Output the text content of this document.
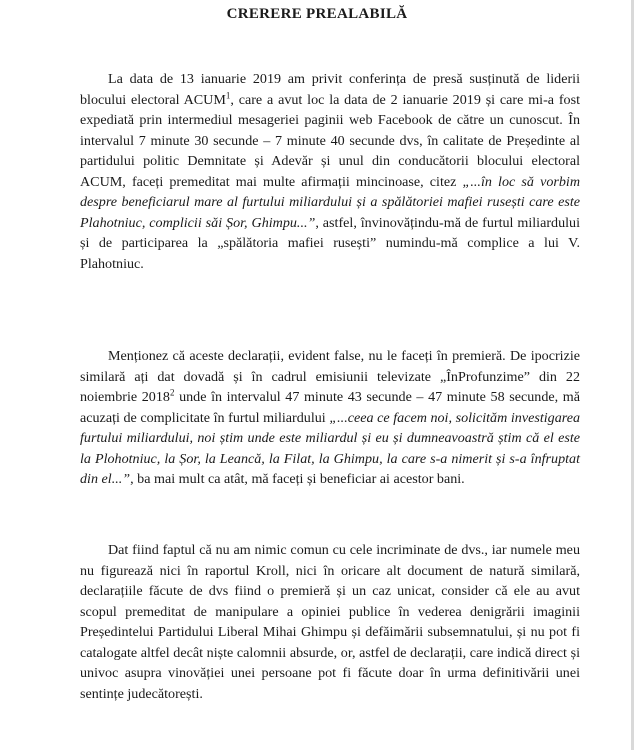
CRERERE PREALABILĂ

La data de 13 ianuarie 2019 am privit conferința de presă susținută de liderii blocului electoral ACUM$^1$, care a avut loc la data de 2 ianuarie 2019 și care mi-a fost expediată prin intermediul mesageriei paginii web Facebook de către un cunoscut. În intervalul 7 minute 30 secunde – 7 minute 40 secunde dvs, în calitate de Președinte al partidului politic Demnitate și Adevăr și unul din conducătorii blocului electoral ACUM, faceți premeditat mai multe afirmații mincinoase, citez „...în loc să vorbim despre beneficiarul mare al furtului miliardului și a spălătoriei mafiei rusești care este Plahotniuc, complicii săi Șor, Ghimpu...”, astfel, învinovățindu-mă de furtul miliardului și de participarea la „spălătoria mafiei rusești” numindu-mă complice a lui V. Plahotniuc.

Menționez că aceste declarații, evident false, nu le faceți în premieră. De ipocrizie similară ați dat dovadă și în cadrul emisiunii televizate „ÎnProfunzime” din 22 noiembrie 2018$^2$ unde în intervalul 47 minute 43 secunde – 47 minute 58 secunde, mă acuzați de complicitate în furtul miliardului „...ceea ce facem noi, solicităm investigarea furtului miliardului, noi știm unde este miliardul și eu și dumneavoastră știm că el este la Plohotniuc, la Șor, la Leancă, la Filat, la Ghimpu, la care s-a nimerit și s-a înfruptat din el...”, ba mai mult ca atât, mă faceți și beneficiar ai acestor bani.

Dat fiind faptul că nu am nimic comun cu cele incriminate de dvs., iar numele meu nu figurează nici în raportul Kroll, nici în oricare alt document de natură similară, declarațiile făcute de dvs fiind o premieră și un caz unicat, consider că ele au avut scopul premeditat de manipulare a opiniei publice în vederea denigrării imaginii Președintelui Partidului Liberal Mihai Ghimpu și defăimării subsemnatului, și nu pot fi catalogate altfel decât niște calomnii absurde, or, astfel de declarații, care indică direct și univoc asupra vinovăției unei persoane pot fi făcute doar în urma definitivării unei sentințe judecătorești.
